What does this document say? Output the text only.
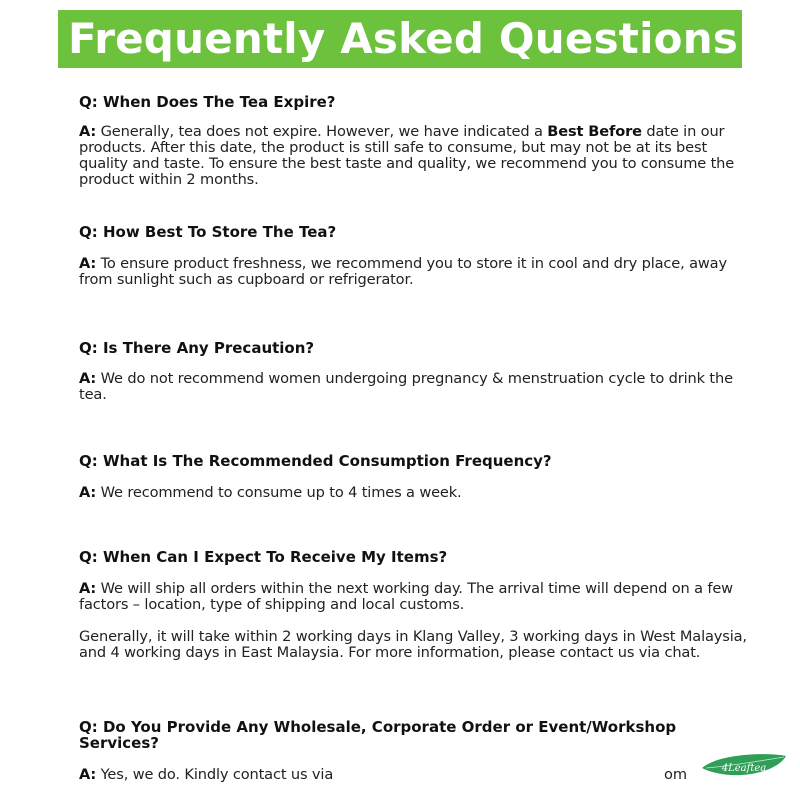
Frequently Asked Questions

Q: When Does The Tea Expire?

A: Generally, tea does not expire. However, we have indicated a Best Before date in our products. After this date, the product is still safe to consume, but may not be at its best quality and taste. To ensure the best taste and quality, we recommend you to consume the product within 2 months.

Q: How Best To Store The Tea?

A: To ensure product freshness, we recommend you to store it in cool and dry place, away from sunlight such as cupboard or refrigerator.

Q: Is There Any Precaution?

A: We do not recommend women undergoing pregnancy & menstruation cycle to drink the tea.

Q: What Is The Recommended Consumption Frequency?

A: We recommend to consume up to 4 times a week.

Q: When Can I Expect To Receive My Items?

A: We will ship all orders within the next working day. The arrival time will depend on a few factors – location, type of shipping and local customs.

Generally, it will take within 2 working days in Klang Valley, 3 working days in West Malaysia, and 4 working days in East Malaysia. For more information, please contact us via chat.

Q: Do You Provide Any Wholesale, Corporate Order or Event/Workshop Services?

A: Yes, we do. Kindly contact us via	om	4Leaftea
